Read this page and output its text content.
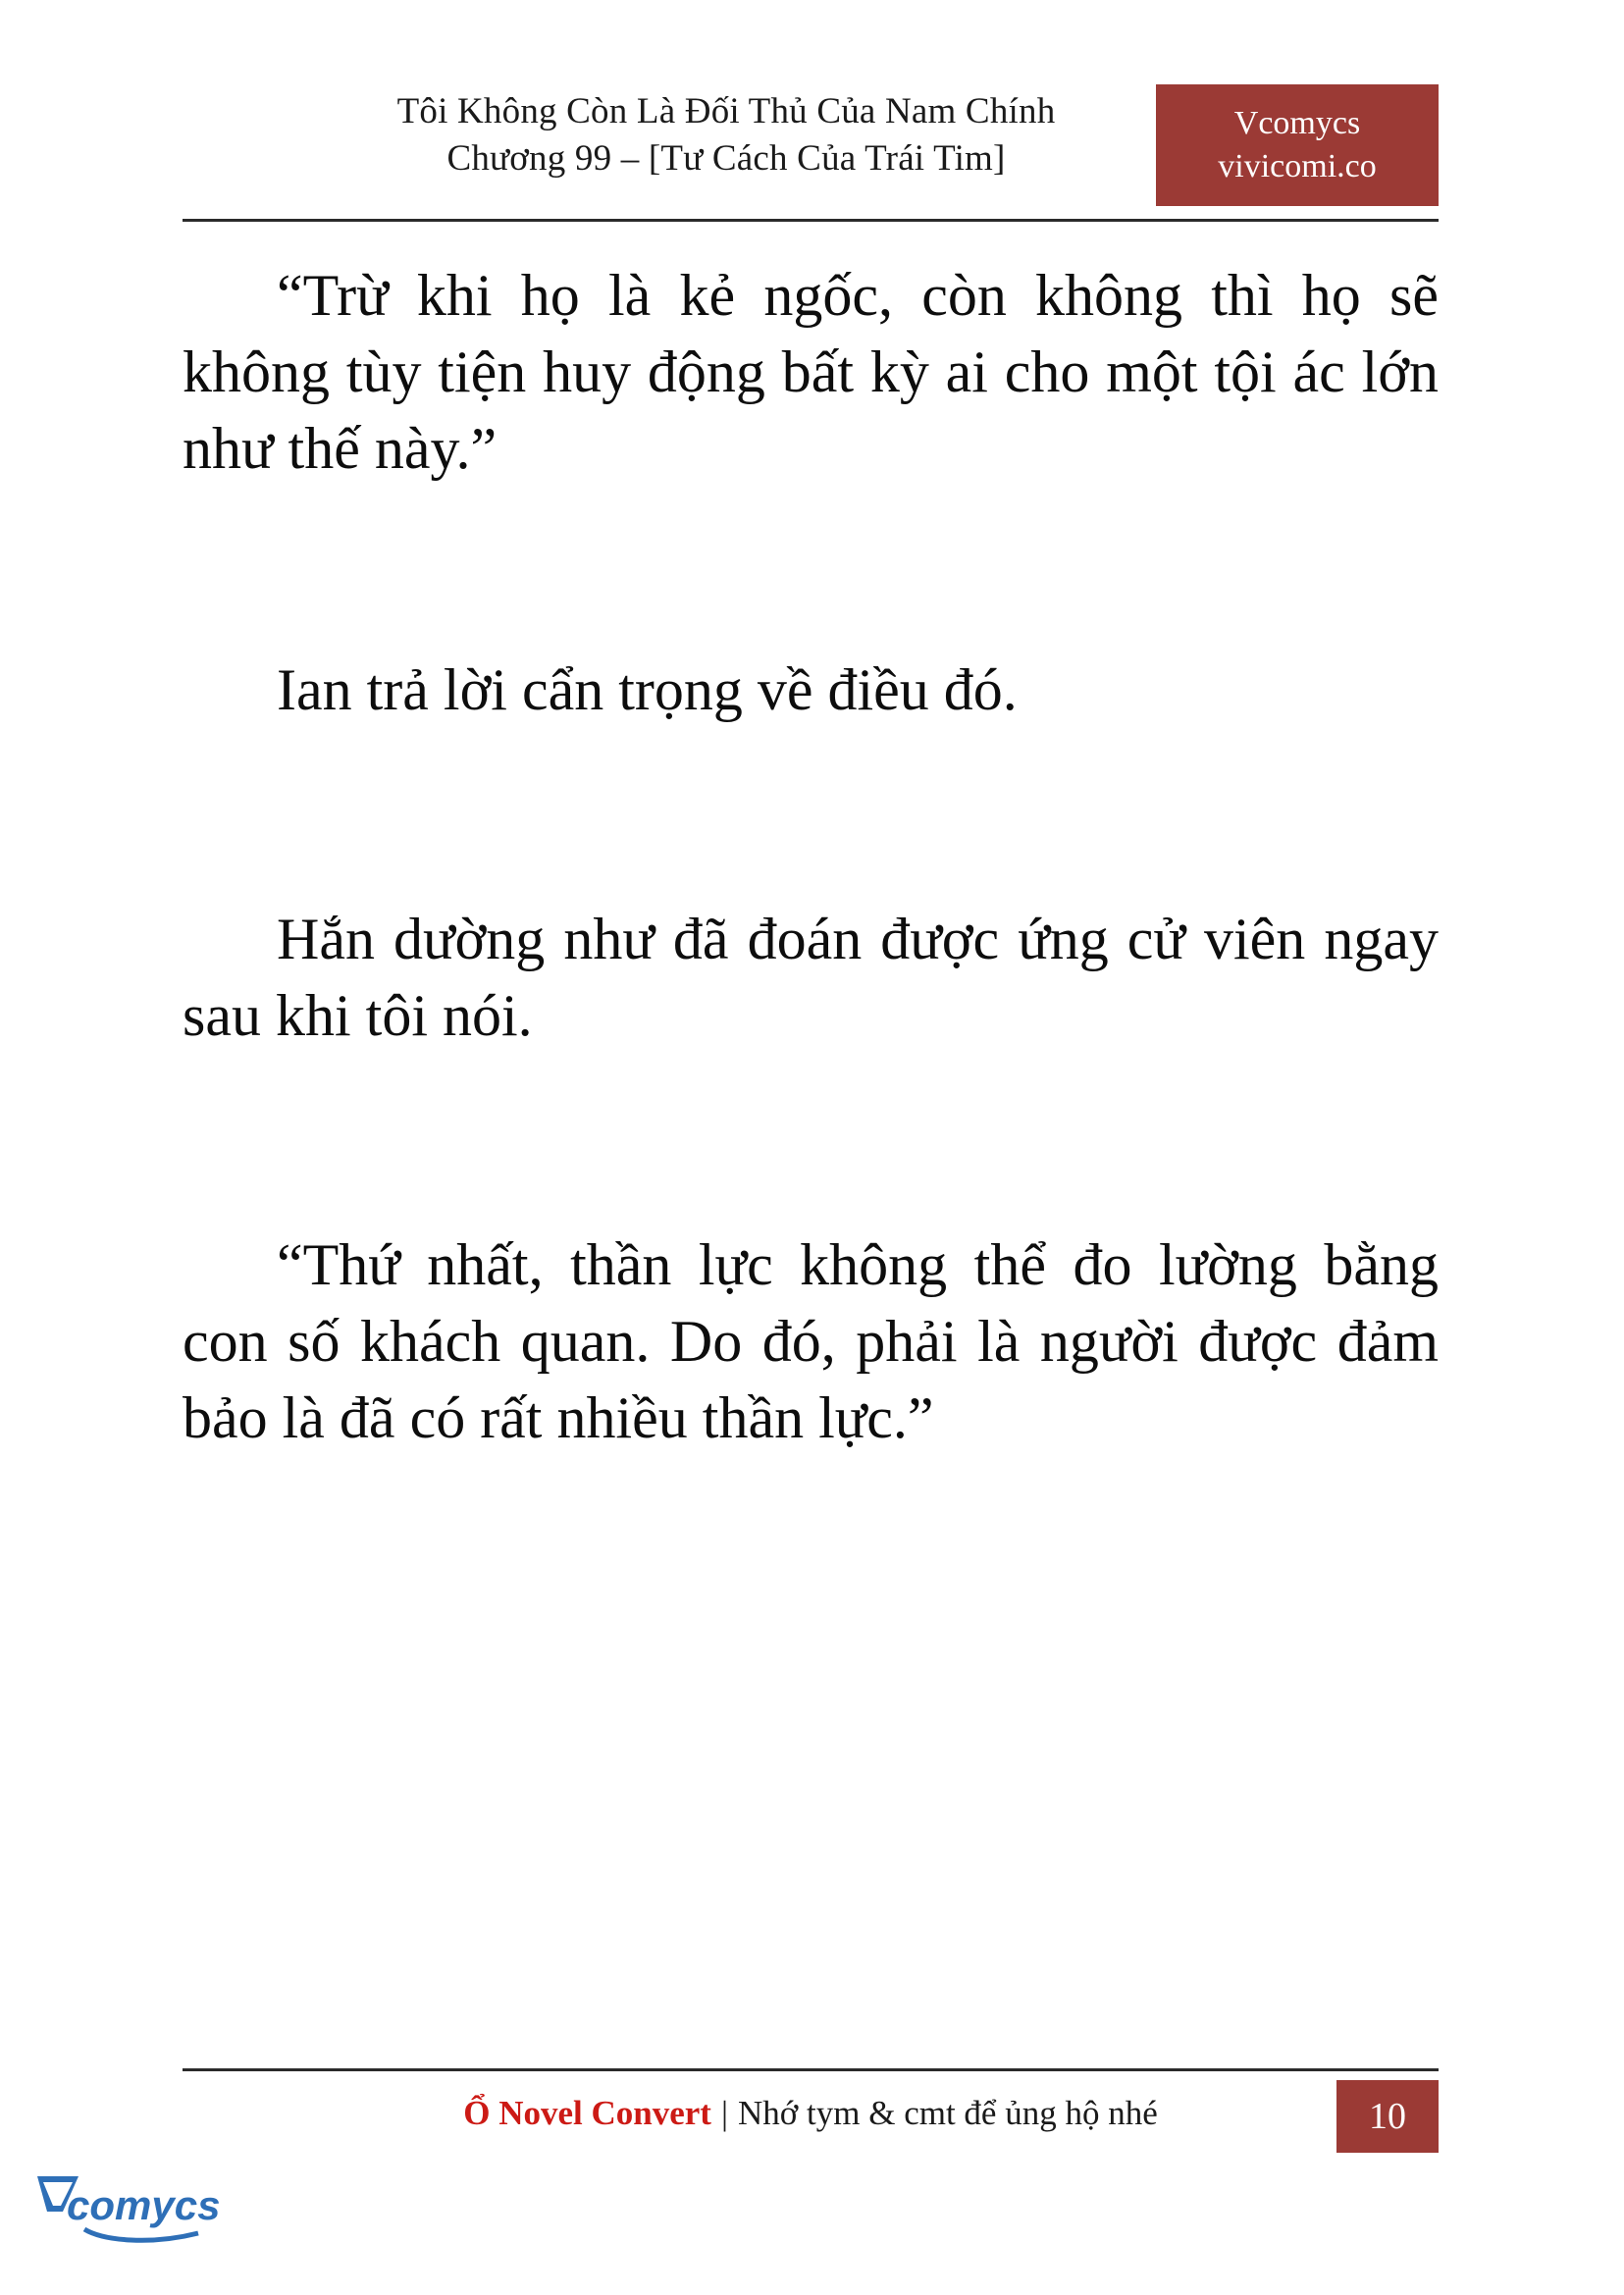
Tôi Không Còn Là Đối Thủ Của Nam Chính
Chương 99 – [Tư Cách Của Trái Tim]
Vcomycs
vivicomi.co

“Trừ khi họ là kẻ ngốc, còn không thì họ sẽ không tùy tiện huy động bất kỳ ai cho một tội ác lớn như thế này.”

Ian trả lời cẩn trọng về điều đó.

Hắn dường như đã đoán được ứng cử viên ngay sau khi tôi nói.

“Thứ nhất, thần lực không thể đo lường bằng con số khách quan. Do đó, phải là người được đảm bảo là đã có rất nhiều thần lực.”

Ổ Novel Convert | Nhớ tym & cmt để ủng hộ nhé	10
comycs
